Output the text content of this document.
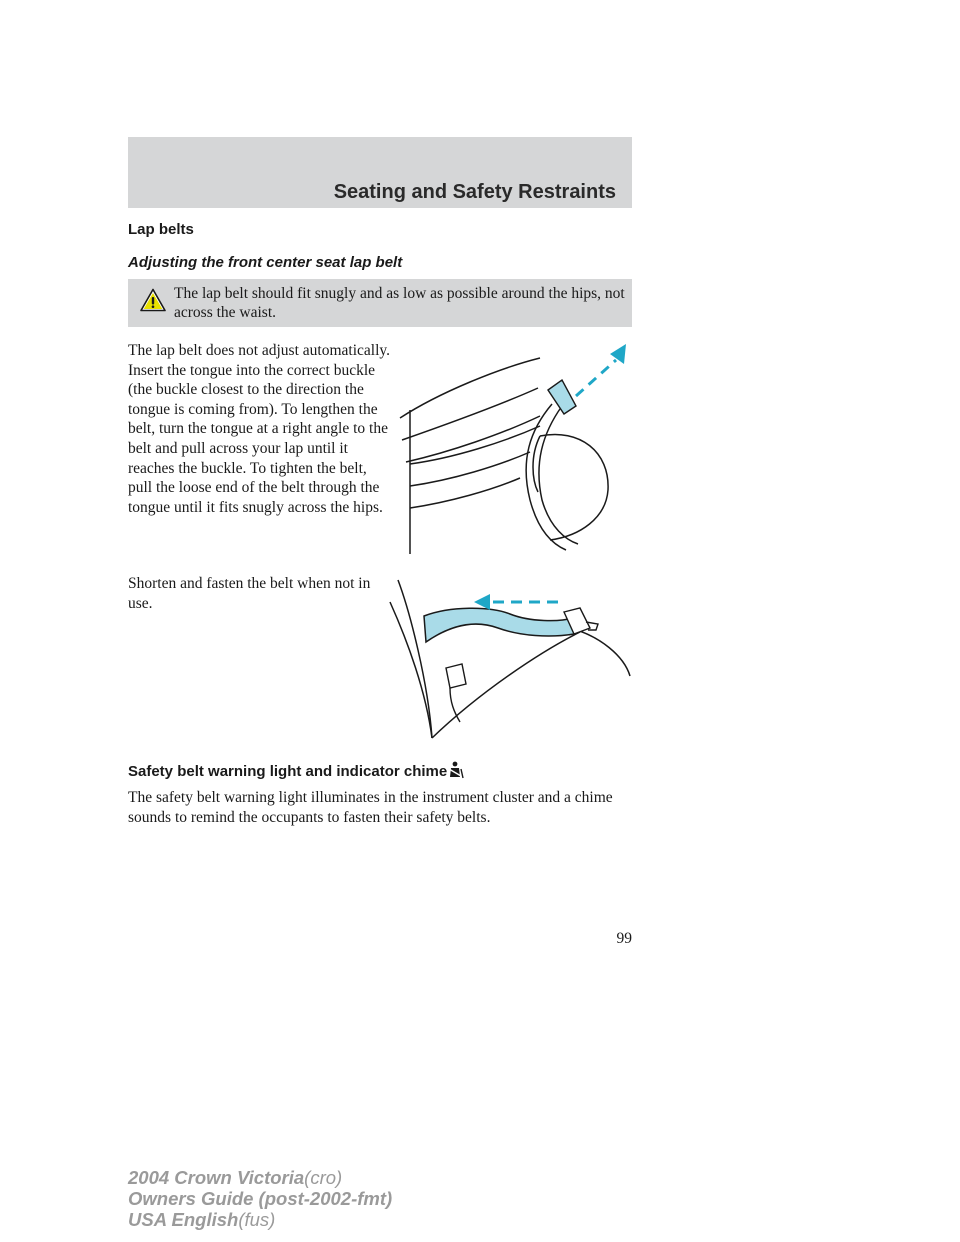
Seating and Safety Restraints
Lap belts
Adjusting the front center seat lap belt
The lap belt should fit snugly and as low as possible around the hips, not across the waist.
The lap belt does not adjust automatically. Insert the tongue into the correct buckle (the buckle closest to the direction the tongue is coming from). To lengthen the belt, turn the tongue at a right angle to the belt and pull across your lap until it reaches the buckle. To tighten the belt, pull the loose end of the belt through the tongue until it fits snugly across the hips.
Shorten and fasten the belt when not in use.
Safety belt warning light and indicator chime
The safety belt warning light illuminates in the instrument cluster and a chime sounds to remind the occupants to fasten their safety belts.
99
2004 Crown Victoria(cro)
Owners Guide (post-2002-fmt)
USA English(fus)
